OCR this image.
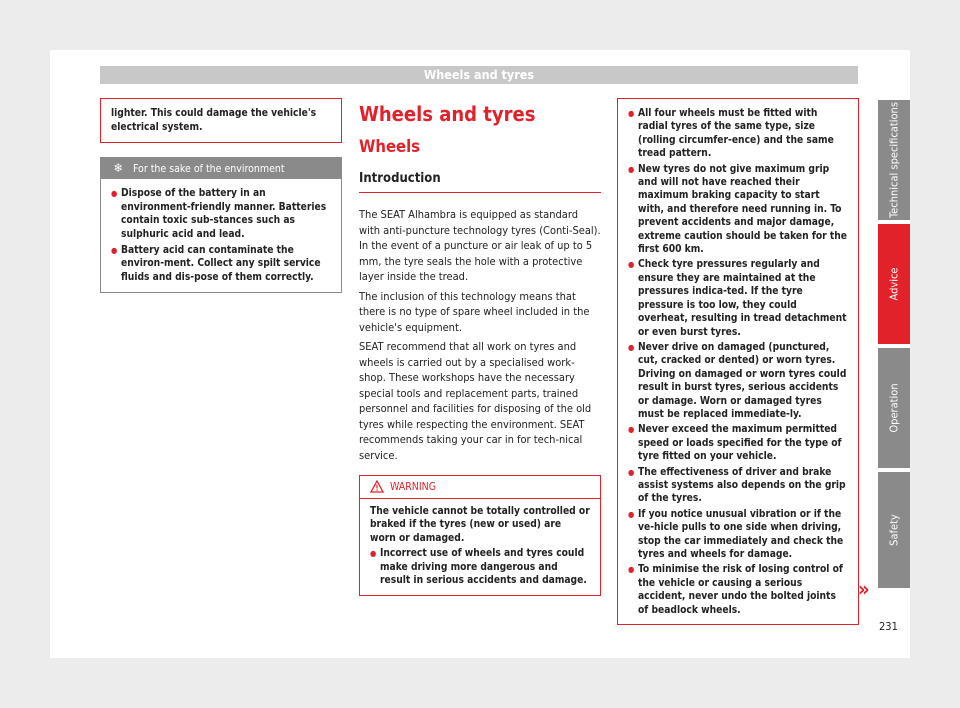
Wheels and tyres
lighter. This could damage the vehicle's electrical system.
❄ For the sake of the environment
● Dispose of the battery in an environment-friendly manner. Batteries contain toxic sub-stances such as sulphuric acid and lead.
● Battery acid can contaminate the environ-ment. Collect any spilt service fluids and dis-pose of them correctly.
Wheels and tyres
Wheels
Introduction
The SEAT Alhambra is equipped as standard with anti-puncture technology tyres (Conti-Seal). In the event of a puncture or air leak of up to 5 mm, the tyre seals the hole with a protective layer inside the tread.
The inclusion of this technology means that there is no type of spare wheel included in the vehicle's equipment.
SEAT recommend that all work on tyres and wheels is carried out by a specialised work-shop. These workshops have the necessary special tools and replacement parts, trained personnel and facilities for disposing of the old tyres while respecting the environment. SEAT recommends taking your car in for tech-nical service.
WARNING
The vehicle cannot be totally controlled or braked if the tyres (new or used) are worn or damaged.
● Incorrect use of wheels and tyres could make driving more dangerous and result in serious accidents and damage.
● All four wheels must be fitted with radial tyres of the same type, size (rolling circumfer-ence) and the same tread pattern.
● New tyres do not give maximum grip and will not have reached their maximum braking capacity to start with, and therefore need running in. To prevent accidents and major damage, extreme caution should be taken for the first 600 km.
● Check tyre pressures regularly and ensure they are maintained at the pressures indica-ted. If the tyre pressure is too low, they could overheat, resulting in tread detachment or even burst tyres.
● Never drive on damaged (punctured, cut, cracked or dented) or worn tyres. Driving on damaged or worn tyres could result in burst tyres, serious accidents or damage. Worn or damaged tyres must be replaced immediate-ly.
● Never exceed the maximum permitted speed or loads specified for the type of tyre fitted on your vehicle.
● The effectiveness of driver and brake assist systems also depends on the grip of the tyres.
● If you notice unusual vibration or if the ve-hicle pulls to one side when driving, stop the car immediately and check the tyres and wheels for damage.
● To minimise the risk of losing control of the vehicle or causing a serious accident, never undo the bolted joints of beadlock wheels.
»
Technical specifications
Advice
Operation
Safety
231
